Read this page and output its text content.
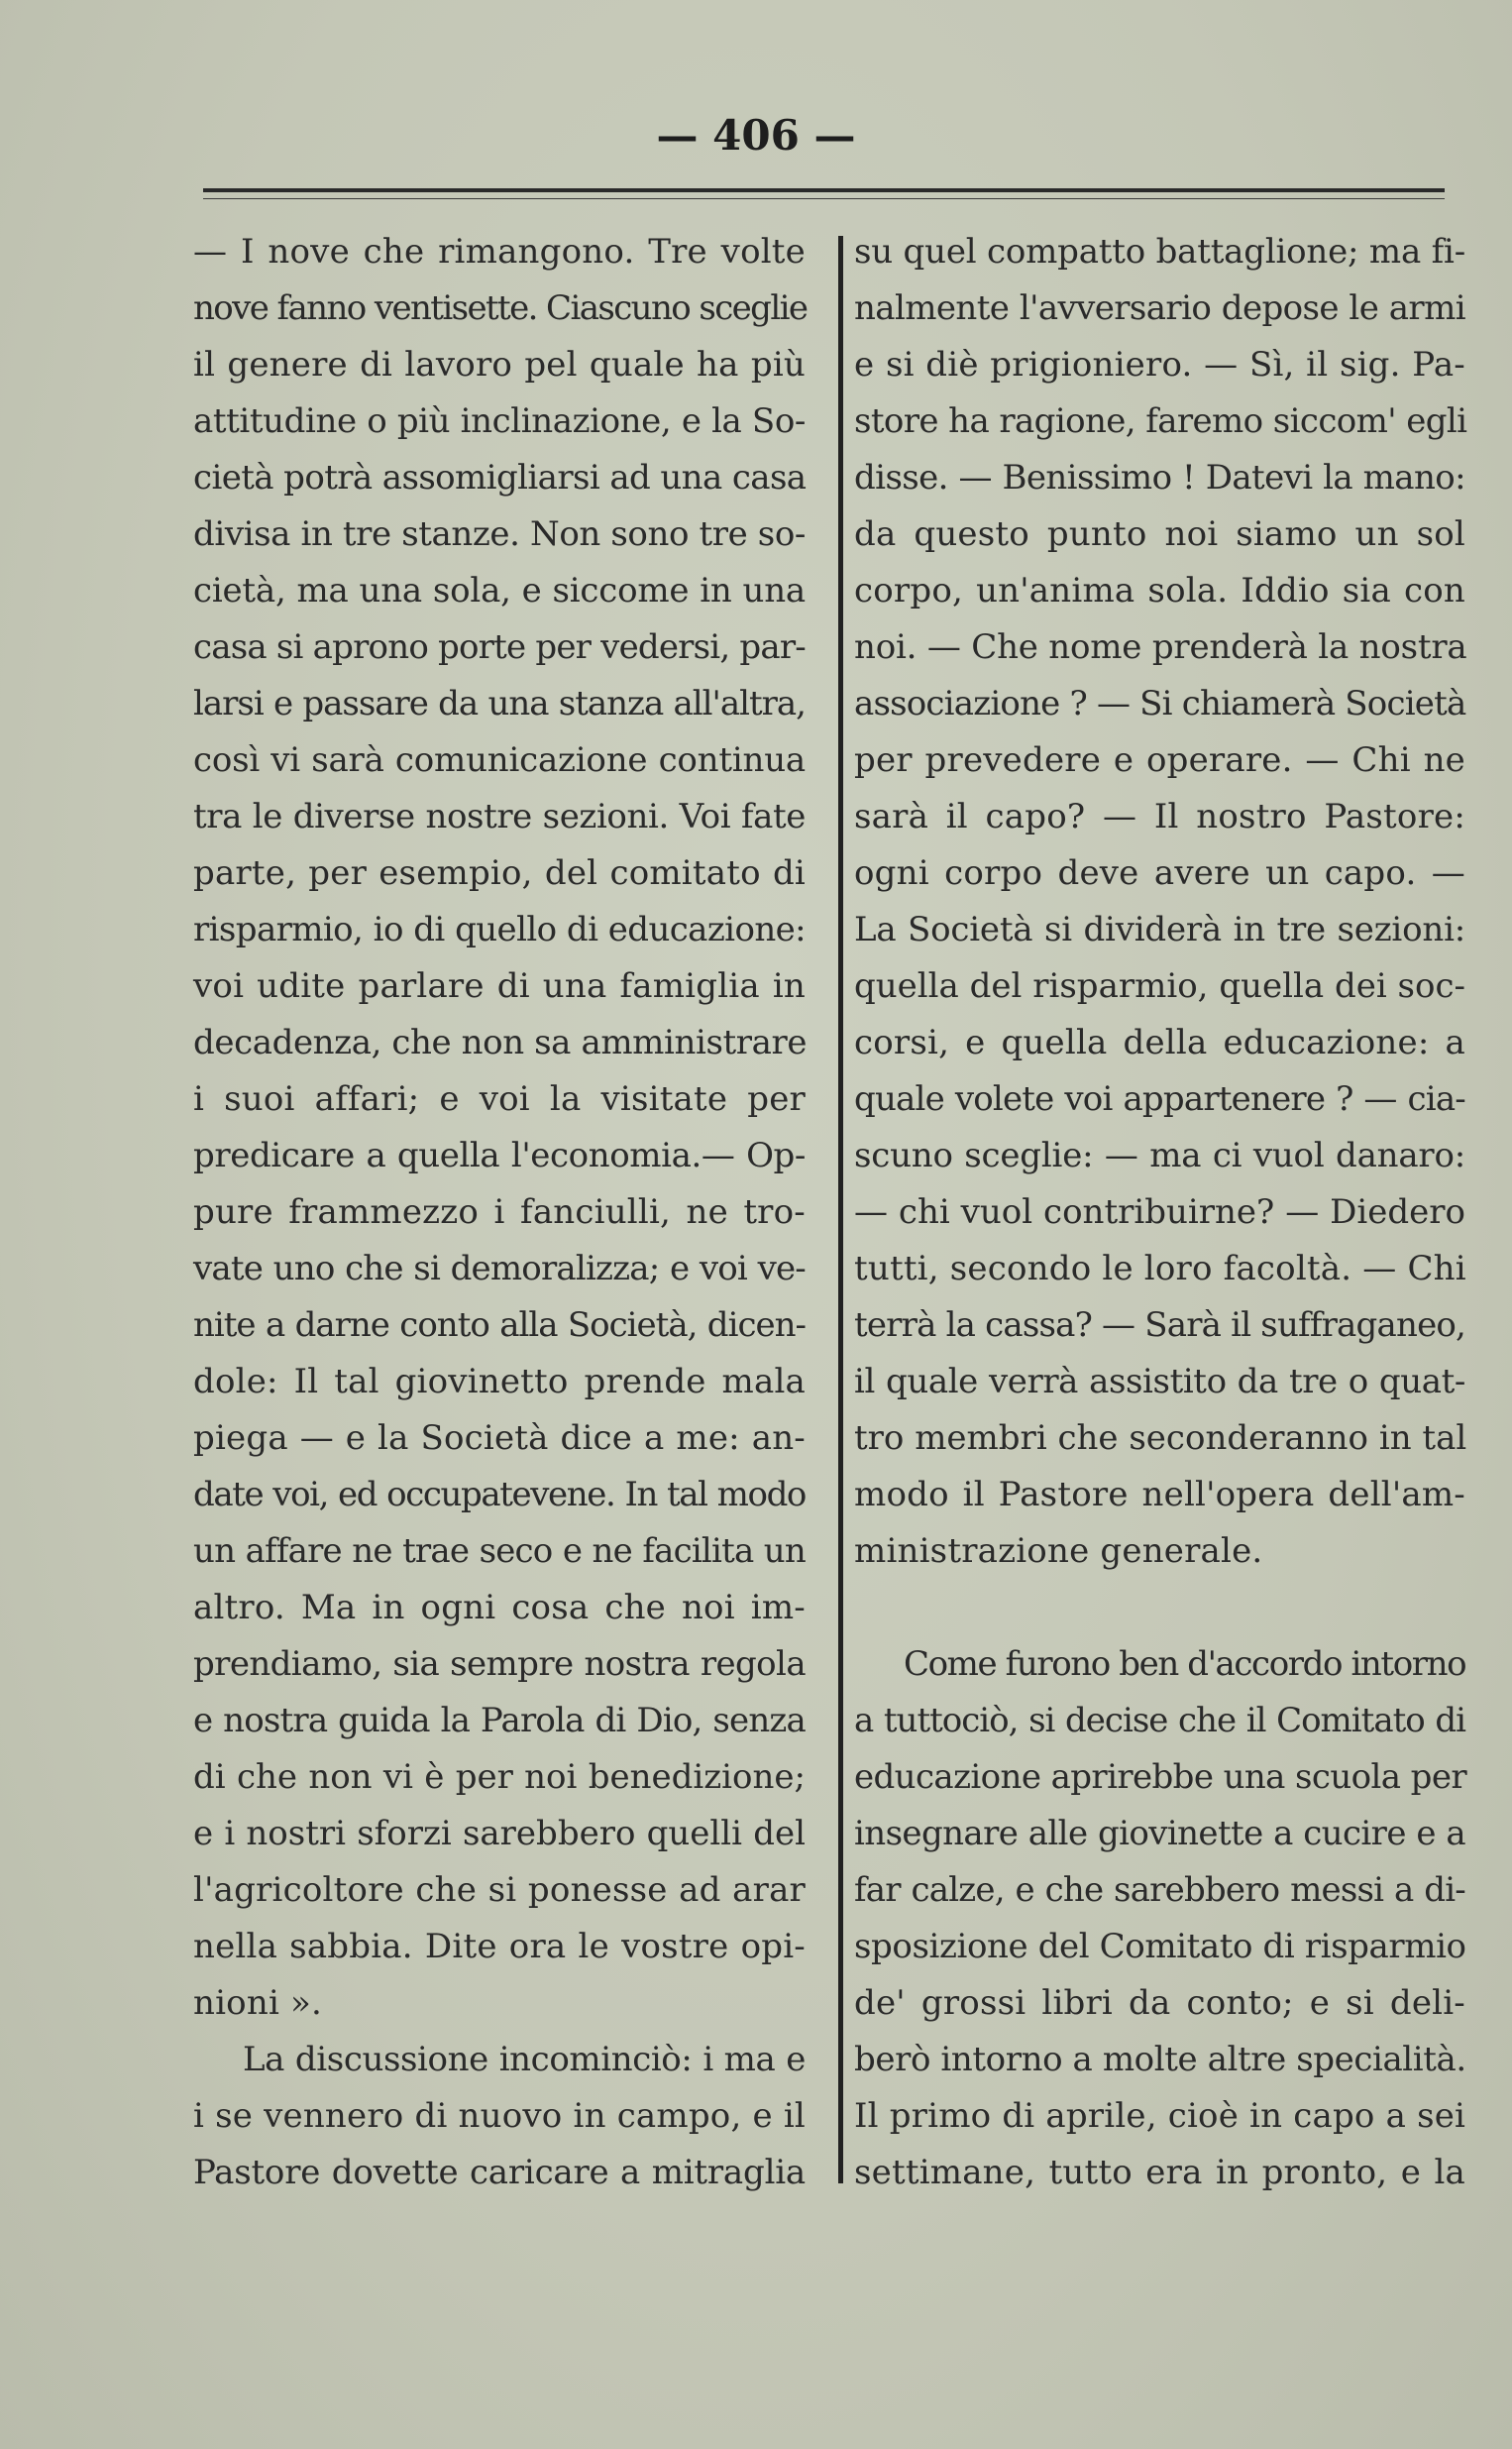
— 406 —
— I nove che rimangono. Tre volte
nove fanno ventisette. Ciascuno sceglie
il genere di lavoro pel quale ha più
attitudine o più inclinazione, e la So-
cietà potrà assomigliarsi ad una casa
divisa in tre stanze. Non sono tre so-
cietà, ma una sola, e siccome in una
casa si aprono porte per vedersi, par-
larsi e passare da una stanza all'altra,
così vi sarà comunicazione continua
tra le diverse nostre sezioni. Voi fate
parte, per esempio, del comitato di
risparmio, io di quello di educazione:
voi udite parlare di una famiglia in
decadenza, che non sa amministrare
i suoi affari; e voi la visitate per
predicare a quella l'economia.— Op-
pure frammezzo i fanciulli, ne tro-
vate uno che si demoralizza; e voi ve-
nite a darne conto alla Società, dicen-
dole: Il tal giovinetto prende mala
piega — e la Società dice a me: an-
date voi, ed occupatevene. In tal modo
un affare ne trae seco e ne facilita un
altro. Ma in ogni cosa che noi im-
prendiamo, sia sempre nostra regola
e nostra guida la Parola di Dio, senza
di che non vi è per noi benedizione;
e i nostri sforzi sarebbero quelli del
l'agricoltore che si ponesse ad arar
nella sabbia. Dite ora le vostre opi-
nioni ».
La discussione incominciò: i ma e
i se vennero di nuovo in campo, e il
Pastore dovette caricare a mitraglia
su quel compatto battaglione; ma fi-
nalmente l'avversario depose le armi
e si diè prigioniero. — Sì, il sig. Pa-
store ha ragione, faremo siccom' egli
disse. — Benissimo ! Datevi la mano:
da questo punto noi siamo un sol
corpo, un'anima sola. Iddio sia con
noi. — Che nome prenderà la nostra
associazione ? — Si chiamerà Società
per prevedere e operare. — Chi ne
sarà il capo? — Il nostro Pastore:
ogni corpo deve avere un capo. —
La Società si dividerà in tre sezioni:
quella del risparmio, quella dei soc-
corsi, e quella della educazione: a
quale volete voi appartenere ? — cia-
scuno sceglie: — ma ci vuol danaro:
— chi vuol contribuirne? — Diedero
tutti, secondo le loro facoltà. — Chi
terrà la cassa? — Sarà il suffraganeo,
il quale verrà assistito da tre o quat-
tro membri che seconderanno in tal
modo il Pastore nell'opera dell'am-
ministrazione generale.
Come furono ben d'accordo intorno
a tuttociò, si decise che il Comitato di
educazione aprirebbe una scuola per
insegnare alle giovinette a cucire e a
far calze, e che sarebbero messi a di-
sposizione del Comitato di risparmio
de' grossi libri da conto; e si deli-
berò intorno a molte altre specialità.
Il primo di aprile, cioè in capo a sei
settimane, tutto era in pronto, e la
